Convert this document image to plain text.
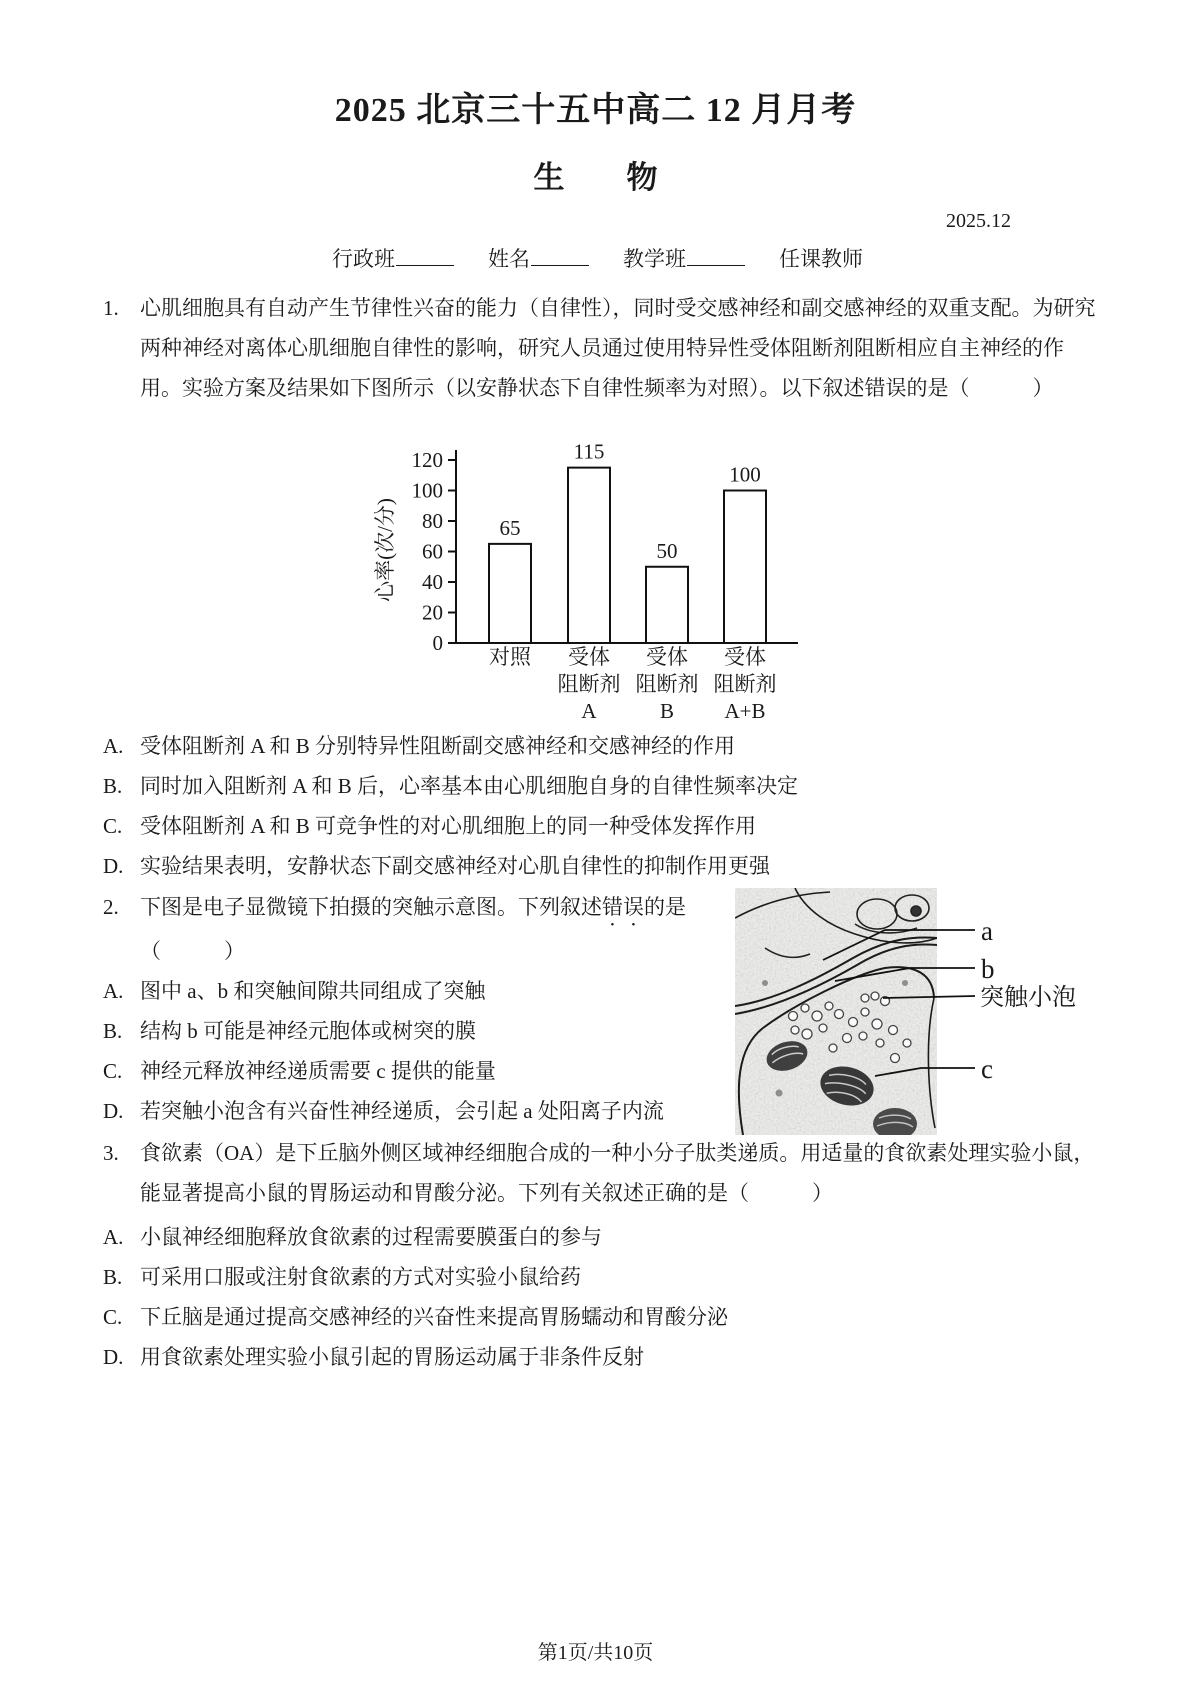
2025 北京三十五中高二 12 月月考
生　　物
2025.12
行政班	姓名	教学班	任课教师

1. 心肌细胞具有自动产生节律性兴奋的能力（自律性），同时受交感神经和副交感神经的双重支配。为研究两种神经对离体心肌细胞自律性的影响，研究人员通过使用特异性受体阻断剂阻断相应自主神经的作用。实验方案及结果如下图所示（以安静状态下自律性频率为对照）。以下叙述错误的是（　　　）

0
20
40
60
80
100
120
心率(次/分)	65
对照
115
受体
阻断剂
A
50
受体
阻断剂
B
100
受体
阻断剂
A+B
A. 受体阻断剂 A 和 B 分别特异性阻断副交感神经和交感神经的作用
B. 同时加入阻断剂 A 和 B 后，心率基本由心肌细胞自身的自律性频率决定
C. 受体阻断剂 A 和 B 可竞争性的对心肌细胞上的同一种受体发挥作用
D. 实验结果表明，安静状态下副交感神经对心肌自律性的抑制作用更强

2. 下图是电子显微镜下拍摄的突触示意图。下列叙述错误的是

（　　　）

A. 图中 a、b 和突触间隙共同组成了突触
B. 结构 b 可能是神经元胞体或树突的膜
C. 神经元释放神经递质需要 c 提供的能量
D. 若突触小泡含有兴奋性神经递质，会引起 a 处阳离子内流
a
b
突触小泡
c

3. 食欲素（OA）是下丘脑外侧区域神经细胞合成的一种小分子肽类递质。用适量的食欲素处理实验小鼠，能显著提高小鼠的胃肠运动和胃酸分泌。下列有关叙述正确的是（　　　）

A. 小鼠神经细胞释放食欲素的过程需要膜蛋白的参与
B. 可采用口服或注射食欲素的方式对实验小鼠给药
C. 下丘脑是通过提高交感神经的兴奋性来提高胃肠蠕动和胃酸分泌
D. 用食欲素处理实验小鼠引起的胃肠运动属于非条件反射
第1页/共10页
